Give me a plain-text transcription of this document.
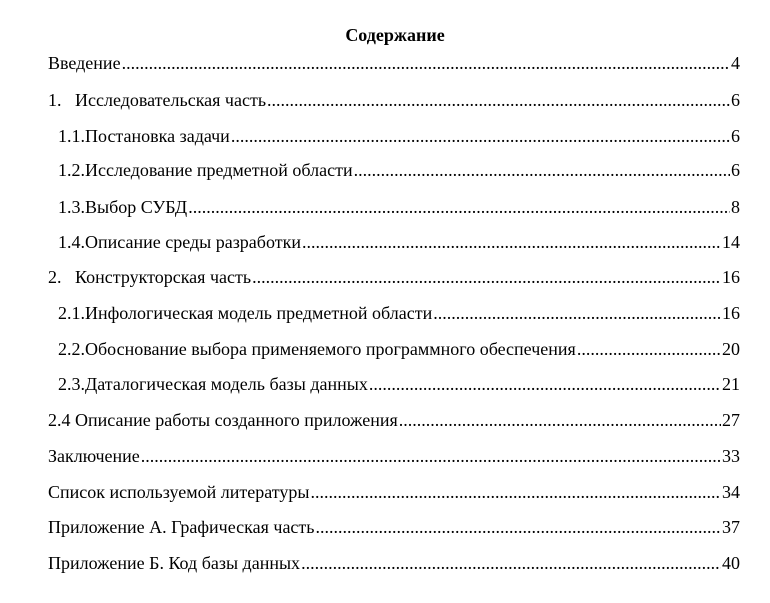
Содержание
Введение .....	4
1.   Исследовательская часть .....	6
1.1.Постановка задачи .....	6
1.2.Исследование предметной области .....	6
1.3.Выбор СУБД .....	8
1.4.Описание среды разработки .....	14
2.   Конструкторская часть .....	16
2.1.Инфологическая модель предметной области .....	16
2.2.Обоснование выбора применяемого программного обеспечения .....	20
2.3.Даталогическая модель базы данных .....	21
2.4 Описание работы созданного приложения .....	27
Заключение .....	33
Список используемой литературы .....	34
Приложение А. Графическая часть .....	37
Приложение Б. Код базы данных .....	40
